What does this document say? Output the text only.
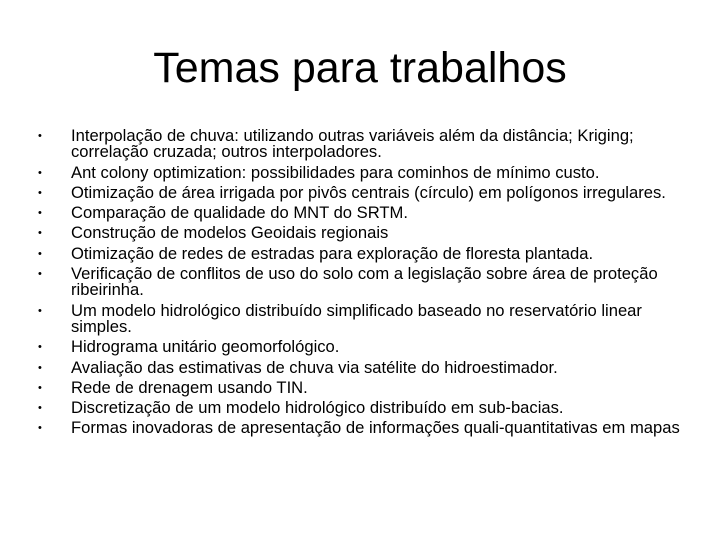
Temas para trabalhos
•	Interpolação de chuva: utilizando outras variáveis além da distância; Kriging; correlação cruzada; outros interpoladores.
•	Ant colony optimization: possibilidades para cominhos de mínimo custo.
•	Otimização de área irrigada por pivôs centrais (círculo) em polígonos irregulares.
•	Comparação de qualidade do MNT do SRTM.
•	Construção de modelos Geoidais regionais
•	Otimização de redes de estradas para exploração de floresta plantada.
•	Verificação de conflitos de uso do solo com a legislação sobre área de proteção ribeirinha.
•	Um modelo hidrológico distribuído simplificado baseado no reservatório linear simples.
•	Hidrograma unitário geomorfológico.
•	Avaliação das estimativas de chuva via satélite do hidroestimador.
•	Rede de drenagem usando TIN.
•	Discretização de um modelo hidrológico distribuído em sub-bacias.
•	Formas inovadoras de apresentação de informações quali-quantitativas em mapas
